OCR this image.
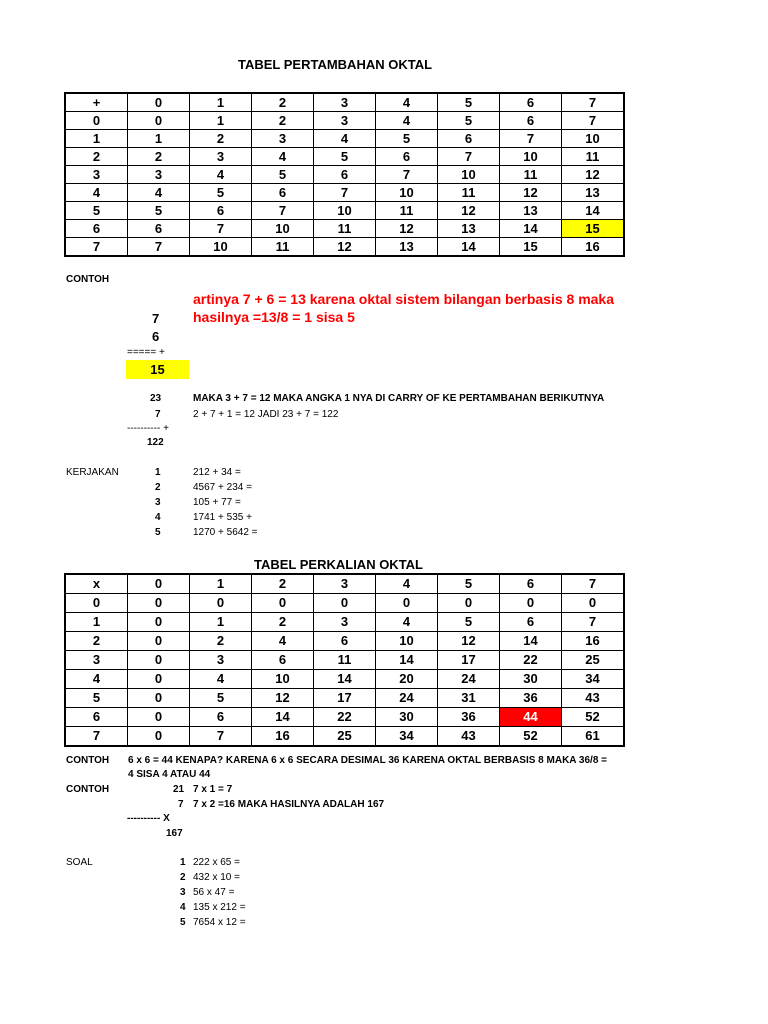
TABEL PERTAMBAHAN OKTAL
+	0	1	2	3	4	5	6	7
0	0	1	2	3	4	5	6	7
1	1	2	3	4	5	6	7	10
2	2	3	4	5	6	7	10	11
3	3	4	5	6	7	10	11	12
4	4	5	6	7	10	11	12	13
5	5	6	7	10	11	12	13	14
6	6	7	10	11	12	13	14	15
7	7	10	11	12	13	14	15	16
CONTOH
artinya 7 + 6 = 13 karena oktal sistem bilangan berbasis 8 maka
hasilnya =13/8 = 1 sisa 5
7
6
===== +
15
23
7
MAKA 3 + 7 = 12 MAKA ANGKA 1 NYA DI CARRY OF KE PERTAMBAHAN BERIKUTNYA
2 + 7 + 1 = 12 JADI 23 + 7 = 122
---------- +
122
KERJAKAN	1	212 + 34 =
2	4567 + 234 =
3	105 + 77 =
4	1741 + 535 +
5	1270 + 5642 =
TABEL PERKALIAN OKTAL
x	0	1	2	3	4	5	6	7
0	0	0	0	0	0	0	0	0
1	0	1	2	3	4	5	6	7
2	0	2	4	6	10	12	14	16
3	0	3	6	11	14	17	22	25
4	0	4	10	14	20	24	30	34
5	0	5	12	17	24	31	36	43
6	0	6	14	22	30	36	44	52
7	0	7	16	25	34	43	52	61
CONTOH 6 x 6 = 44 KENAPA? KARENA 6 x 6 SECARA DESIMAL 36 KARENA OKTAL BERBASIS 8 MAKA 36/8 =
4 SISA 4 ATAU 44
CONTOH	21 7 x 1 = 7
7 7 x 2 =16 MAKA HASILNYA ADALAH 167
---------- X
167
SOAL	1 222 x 65 =
2 432 x 10 =
3 56 x 47 =
4 135 x 212 =
5 7654 x 12 =
